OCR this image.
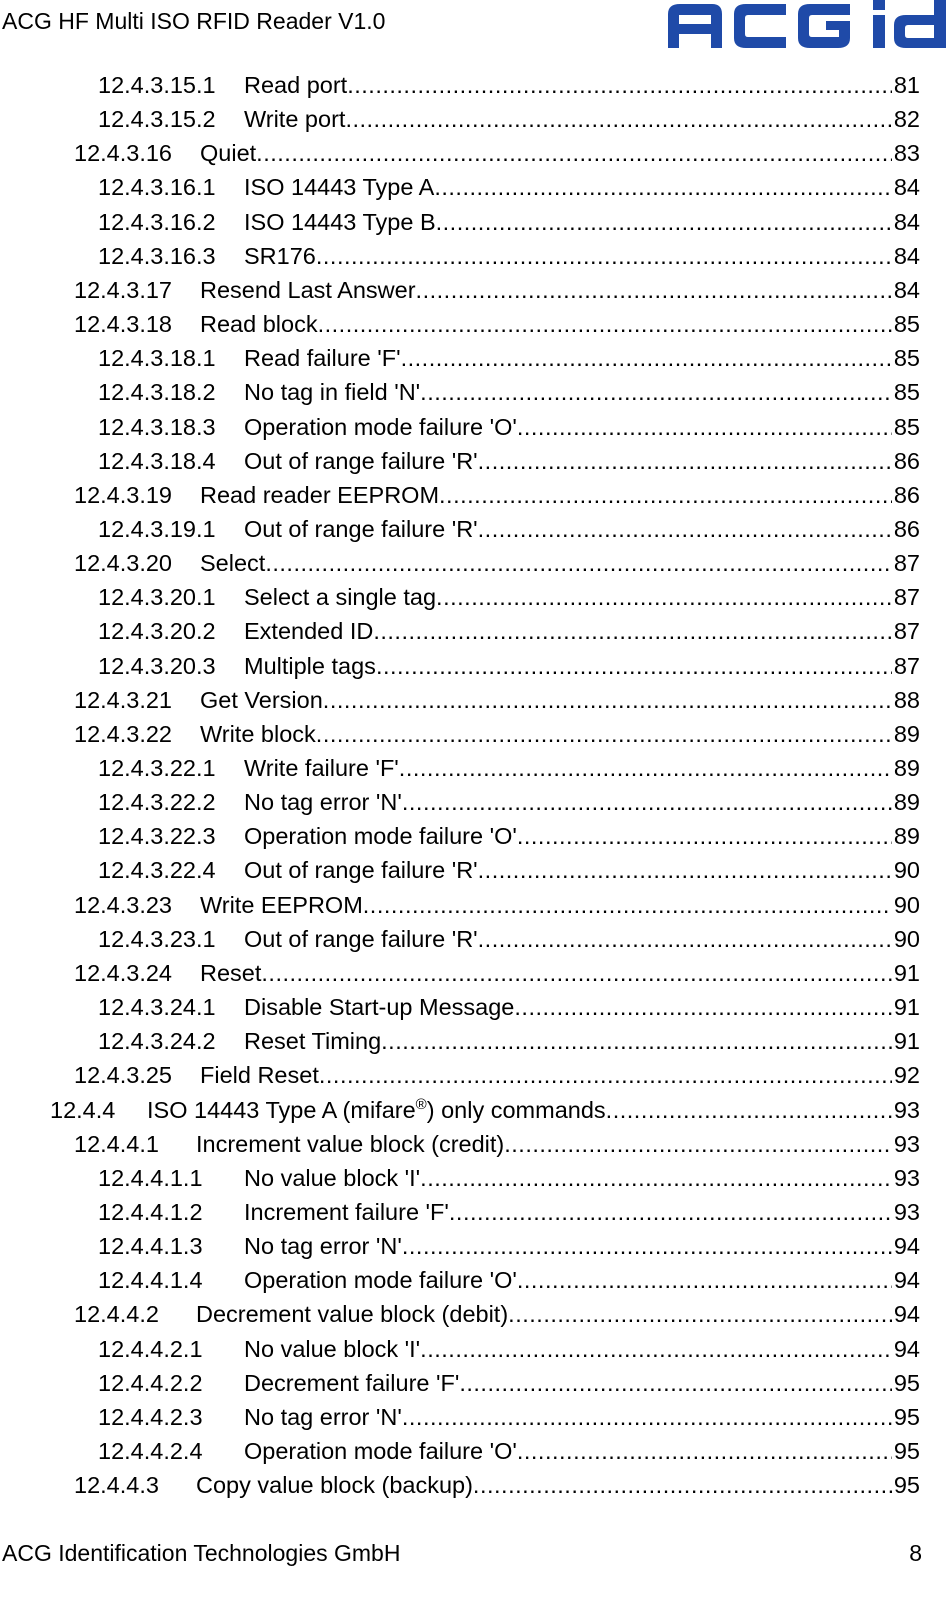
ACG HF Multi ISO RFID Reader V1.0
12.4.3.15.1 Read port .....	81
12.4.3.15.2 Write port .....	82
12.4.3.16 Quiet .....	83
12.4.3.16.1 ISO 14443 Type A .....	84
12.4.3.16.2 ISO 14443 Type B .....	84
12.4.3.16.3 SR176 .....	84
12.4.3.17 Resend Last Answer .....	84
12.4.3.18 Read block .....	85
12.4.3.18.1 Read failure 'F' .....	85
12.4.3.18.2 No tag in field 'N' .....	85
12.4.3.18.3 Operation mode failure 'O' .....	85
12.4.3.18.4 Out of range failure 'R' .....	86
12.4.3.19 Read reader EEPROM .....	86
12.4.3.19.1 Out of range failure 'R' .....	86
12.4.3.20 Select .....	87
12.4.3.20.1 Select a single tag .....	87
12.4.3.20.2 Extended ID .....	87
12.4.3.20.3 Multiple tags .....	87
12.4.3.21 Get Version .....	88
12.4.3.22 Write block .....	89
12.4.3.22.1 Write failure 'F' .....	89
12.4.3.22.2 No tag error 'N' .....	89
12.4.3.22.3 Operation mode failure 'O' .....	89
12.4.3.22.4 Out of range failure 'R' .....	90
12.4.3.23 Write EEPROM .....	90
12.4.3.23.1 Out of range failure 'R' .....	90
12.4.3.24 Reset .....	91
12.4.3.24.1 Disable Start-up Message .....	91
12.4.3.24.2 Reset Timing .....	91
12.4.3.25 Field Reset .....	92
12.4.4 ISO 14443 Type A (mifare®) only commands .....	93
12.4.4.1 Increment value block (credit) .....	93
12.4.4.1.1 No value block 'I' .....	93
12.4.4.1.2 Increment failure 'F' .....	93
12.4.4.1.3 No tag error 'N' .....	94
12.4.4.1.4 Operation mode failure 'O' .....	94
12.4.4.2 Decrement value block (debit) .....	94
12.4.4.2.1 No value block 'I' .....	94
12.4.4.2.2 Decrement failure 'F' .....	95
12.4.4.2.3 No tag error 'N' .....	95
12.4.4.2.4 Operation mode failure 'O' .....	95
12.4.4.3 Copy value block (backup) .....	95
ACG Identification Technologies GmbH	8
